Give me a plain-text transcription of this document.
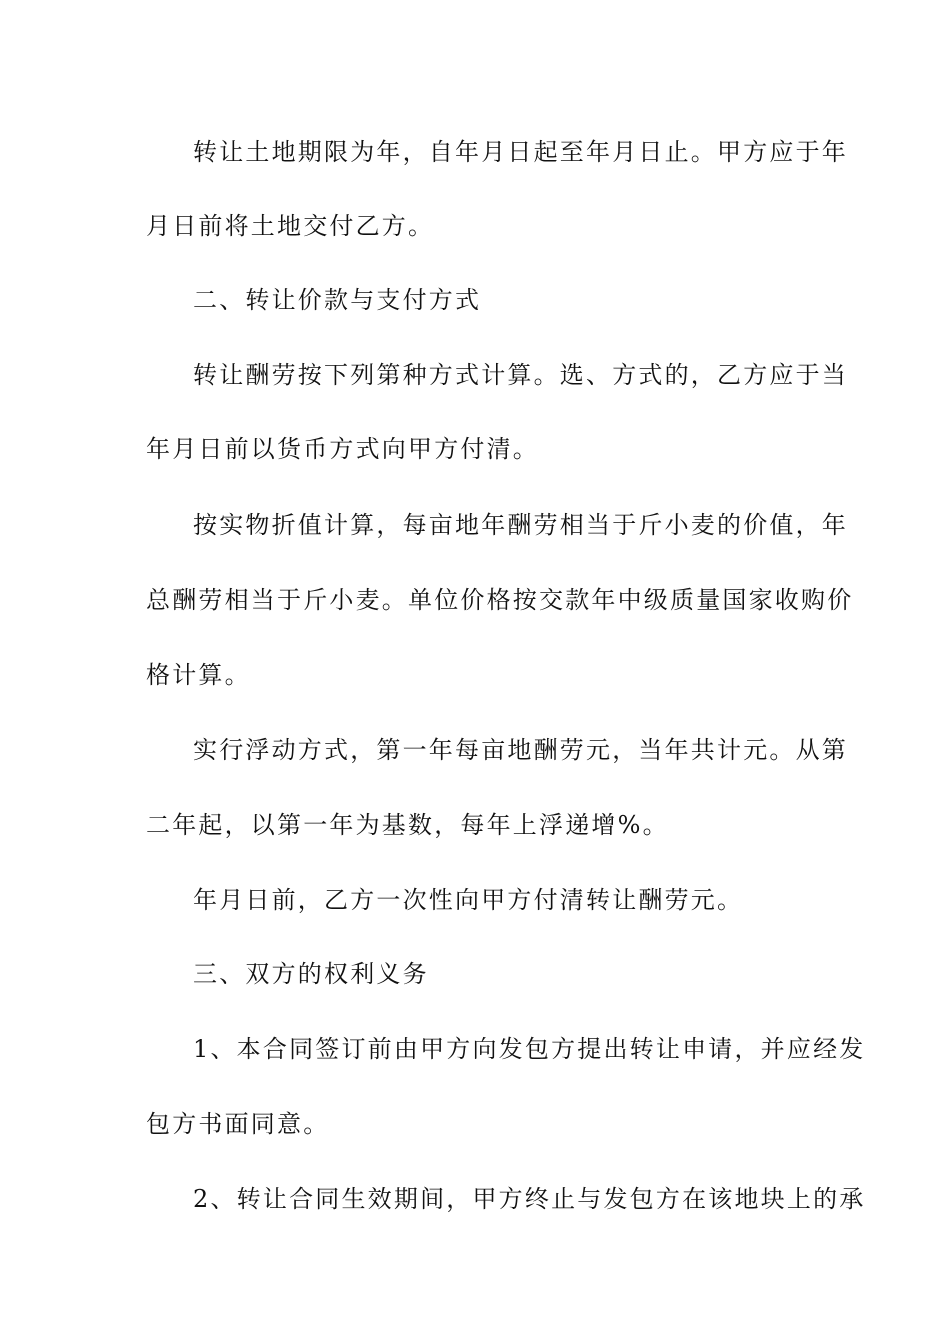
转让土地期限为年，自年月日起至年月日止。甲方应于年

月日前将土地交付乙方。

二、转让价款与支付方式

转让酬劳按下列第种方式计算。选、方式的，乙方应于当

年月日前以货币方式向甲方付清。

按实物折值计算，每亩地年酬劳相当于斤小麦的价值，年

总酬劳相当于斤小麦。单位价格按交款年中级质量国家收购价

格计算。

实行浮动方式，第一年每亩地酬劳元，当年共计元。从第

二年起，以第一年为基数，每年上浮递增%。

年月日前，乙方一次性向甲方付清转让酬劳元。

三、双方的权利义务

1、本合同签订前由甲方向发包方提出转让申请，并应经发

包方书面同意。

2、转让合同生效期间，甲方终止与发包方在该地块上的承
